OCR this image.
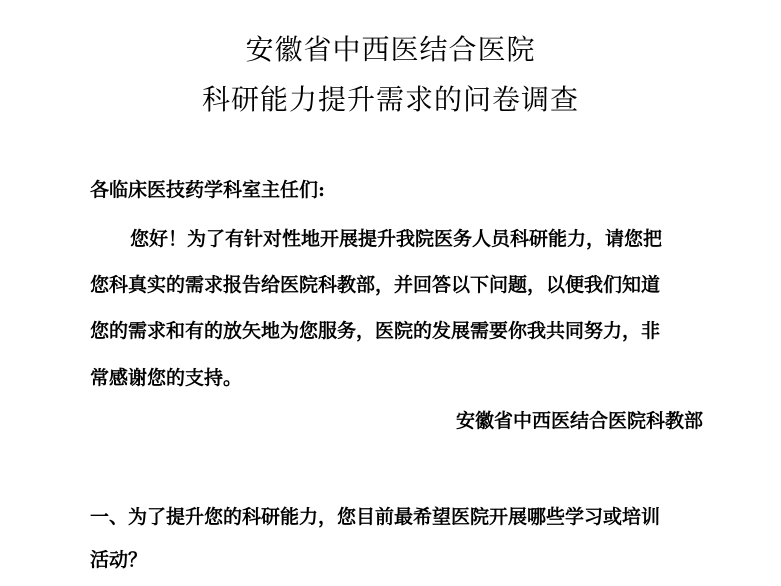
安徽省中西医结合医院
科研能力提升需求的问卷调查
各临床医技药学科室主任们:
您好！为了有针对性地开展提升我院医务人员科研能力，请您把
您科真实的需求报告给医院科教部，并回答以下问题，以便我们知道
您的需求和有的放矢地为您服务，医院的发展需要你我共同努力，非
常感谢您的支持。
安徽省中西医结合医院科教部
一、为了提升您的科研能力，您目前最希望医院开展哪些学习或培训
活动？
